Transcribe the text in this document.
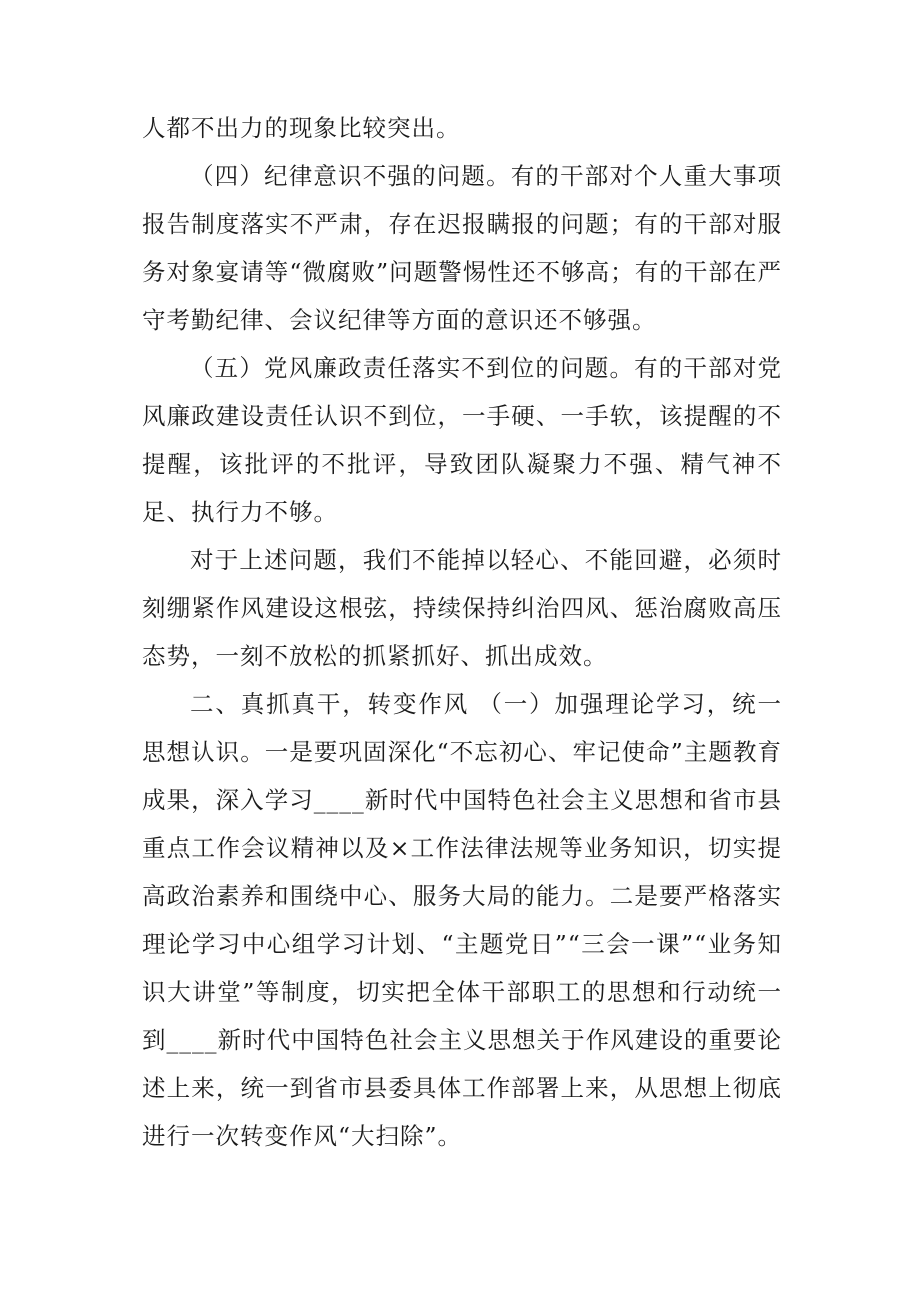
人都不出力的现象比较突出。

（四）纪律意识不强的问题。有的干部对个人重大事项报告制度落实不严肃，存在迟报瞒报的问题；有的干部对服务对象宴请等“微腐败”问题警惕性还不够高；有的干部在严守考勤纪律、会议纪律等方面的意识还不够强。

（五）党风廉政责任落实不到位的问题。有的干部对党风廉政建设责任认识不到位，一手硬、一手软，该提醒的不提醒，该批评的不批评，导致团队凝聚力不强、精气神不足、执行力不够。

对于上述问题，我们不能掉以轻心、不能回避，必须时刻绷紧作风建设这根弦，持续保持纠治四风、惩治腐败高压态势，一刻不放松的抓紧抓好、抓出成效。

二、真抓真干，转变作风 （一）加强理论学习，统一思想认识。一是要巩固深化“不忘初心、牢记使命”主题教育成果，深入学习____新时代中国特色社会主义思想和省市县重点工作会议精神以及×工作法律法规等业务知识，切实提高政治素养和围绕中心、服务大局的能力。二是要严格落实理论学习中心组学习计划、“主题党日”“三会一课”“业务知识大讲堂”等制度，切实把全体干部职工的思想和行动统一到____新时代中国特色社会主义思想关于作风建设的重要论述上来，统一到省市县委具体工作部署上来，从思想上彻底进行一次转变作风“大扫除”。
